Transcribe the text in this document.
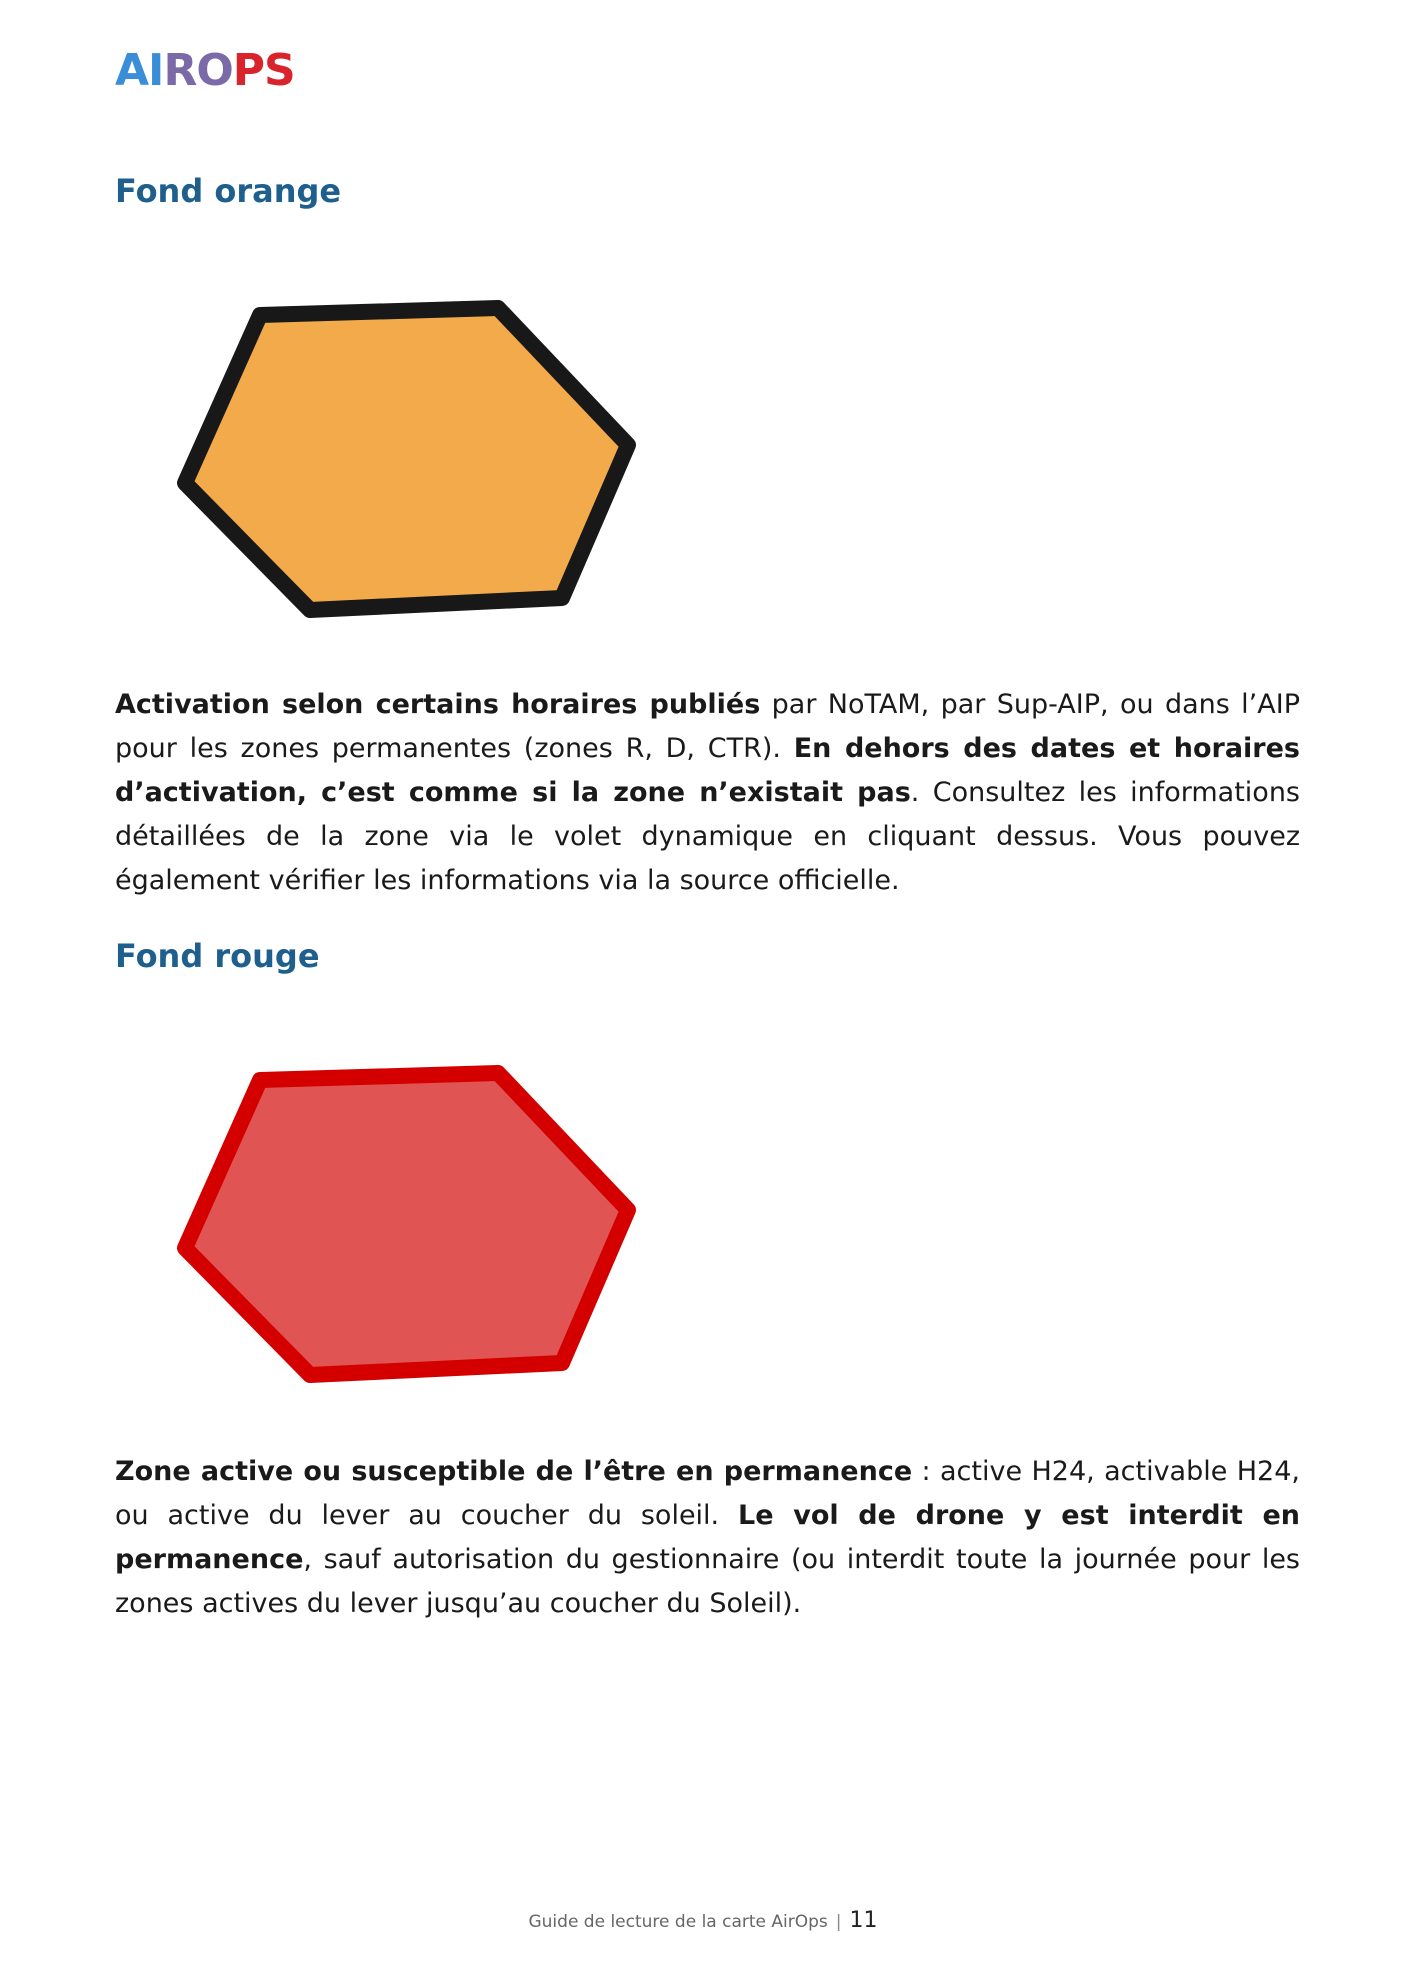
AI RO PS
Fond orange

Activation selon certains horaires publiés par NoTAM, par Sup-AIP, ou dans l’AIP pour les zones permanentes (zones R, D, CTR). En dehors des dates et horaires d’activation, c’est comme si la zone n’existait pas. Consultez les informations détaillées de la zone via le volet dynamique en cliquant dessus. Vous pouvez également vérifier les informations via la source officielle.

Fond rouge

Zone active ou susceptible de l’être en permanence : active H24, activable H24, ou active du lever au coucher du soleil. Le vol de drone y est interdit en permanence, sauf autorisation du gestionnaire (ou interdit toute la journée pour les zones actives du lever jusqu’au coucher du Soleil).

Guide de lecture de la carte AirOps | 11
